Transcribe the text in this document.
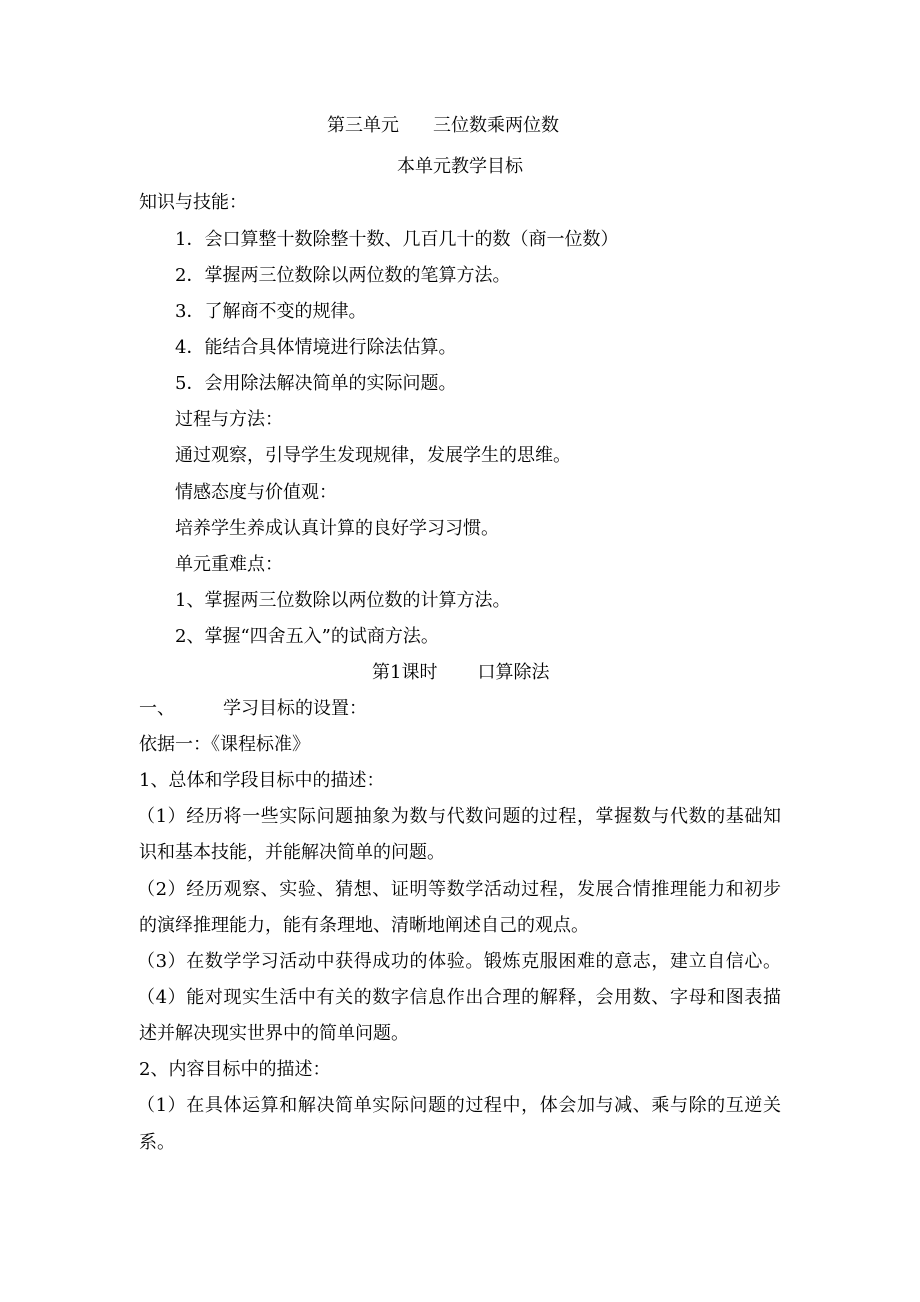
第三单元 三位数乘两位数
本单元教学目标
知识与技能：
1．会口算整十数除整十数、几百几十的数（商一位数）
2．掌握两三位数除以两位数的笔算方法。
3．了解商不变的规律。
4．能结合具体情境进行除法估算。
5．会用除法解决简单的实际问题。
过程与方法：
通过观察，引导学生发现规律，发展学生的思维。
情感态度与价值观：
培养学生养成认真计算的良好学习习惯。
单元重难点：
1、掌握两三位数除以两位数的计算方法。
2、掌握“四舍五入”的试商方法。
第1课时 口算除法
一、	学习目标的设置：
依据一：《课程标准》
1、总体和学段目标中的描述：
（1）经历将一些实际问题抽象为数与代数问题的过程，掌握数与代数的基础知
识和基本技能，并能解决简单的问题。
（2）经历观察、实验、猜想、证明等数学活动过程，发展合情推理能力和初步
的演绎推理能力，能有条理地、清晰地阐述自己的观点。
（3）在数学学习活动中获得成功的体验。锻炼克服困难的意志，建立自信心。
（4）能对现实生活中有关的数字信息作出合理的解释，会用数、字母和图表描
述并解决现实世界中的简单问题。
2、内容目标中的描述：
（1）在具体运算和解决简单实际问题的过程中，体会加与减、乘与除的互逆关
系。
